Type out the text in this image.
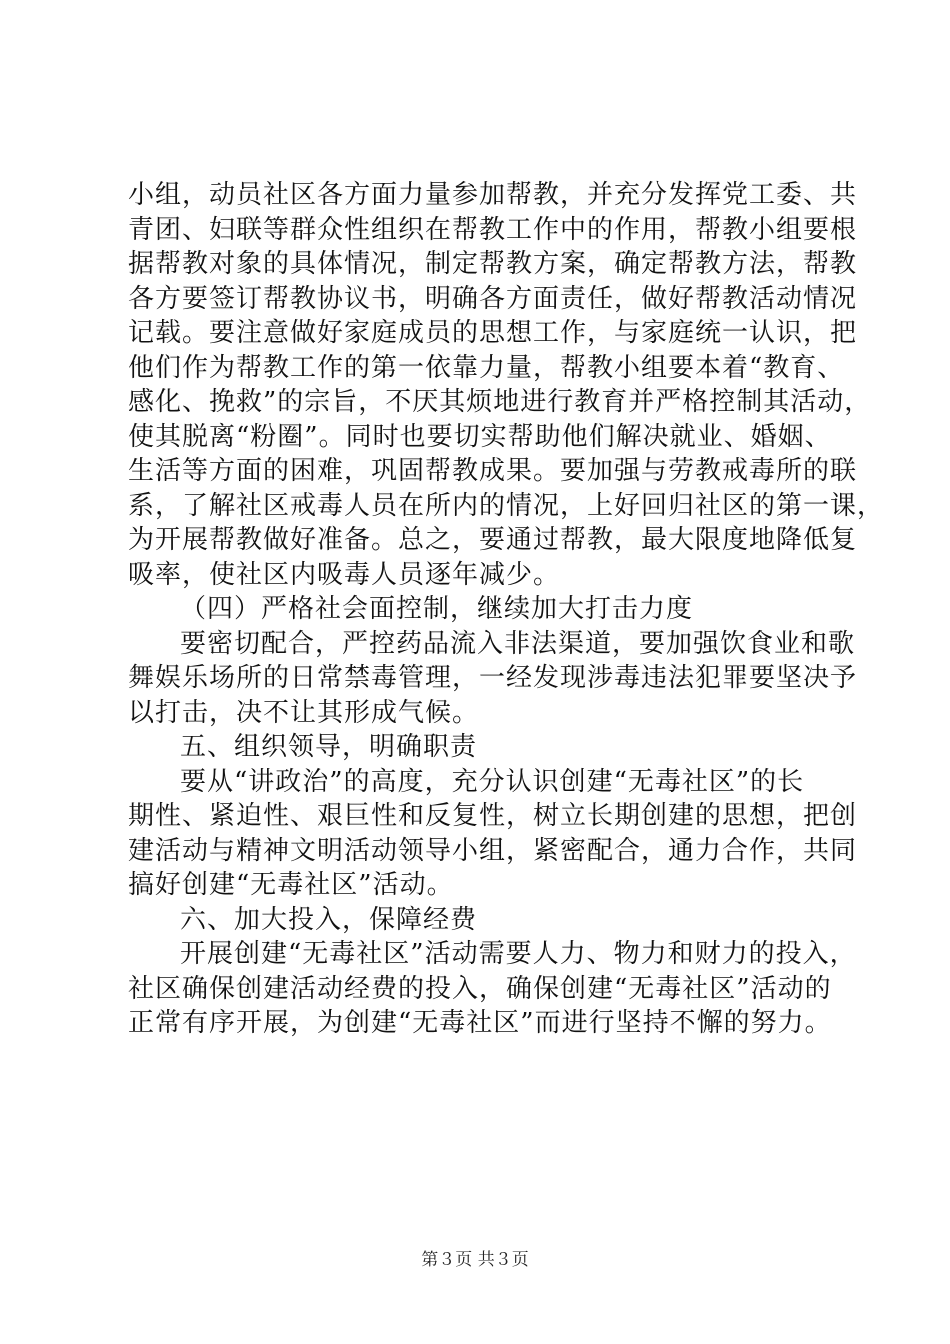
小组，动员社区各方面力量参加帮教，并充分发挥党工委、共
青团、妇联等群众性组织在帮教工作中的作用，帮教小组要根
据帮教对象的具体情况，制定帮教方案，确定帮教方法，帮教
各方要签订帮教协议书，明确各方面责任，做好帮教活动情况
记载。要注意做好家庭成员的思想工作，与家庭统一认识，把
他们作为帮教工作的第一依靠力量，帮教小组要本着“教育、
感化、挽救”的宗旨，不厌其烦地进行教育并严格控制其活动，
使其脱离“粉圈”。同时也要切实帮助他们解决就业、婚姻、
生活等方面的困难，巩固帮教成果。要加强与劳教戒毒所的联
系，了解社区戒毒人员在所内的情况，上好回归社区的第一课，
为开展帮教做好准备。总之，要通过帮教，最大限度地降低复
吸率，使社区内吸毒人员逐年减少。
（四）严格社会面控制，继续加大打击力度
要密切配合，严控药品流入非法渠道，要加强饮食业和歌
舞娱乐场所的日常禁毒管理，一经发现涉毒违法犯罪要坚决予
以打击，决不让其形成气候。
五、组织领导，明确职责
要从“讲政治”的高度，充分认识创建“无毒社区”的长
期性、紧迫性、艰巨性和反复性，树立长期创建的思想，把创
建活动与精神文明活动领导小组，紧密配合，通力合作，共同
搞好创建“无毒社区”活动。
六、加大投入，保障经费
开展创建“无毒社区”活动需要人力、物力和财力的投入，
社区确保创建活动经费的投入，确保创建“无毒社区”活动的
正常有序开展，为创建“无毒社区”而进行坚持不懈的努力。
第３页 共３页
